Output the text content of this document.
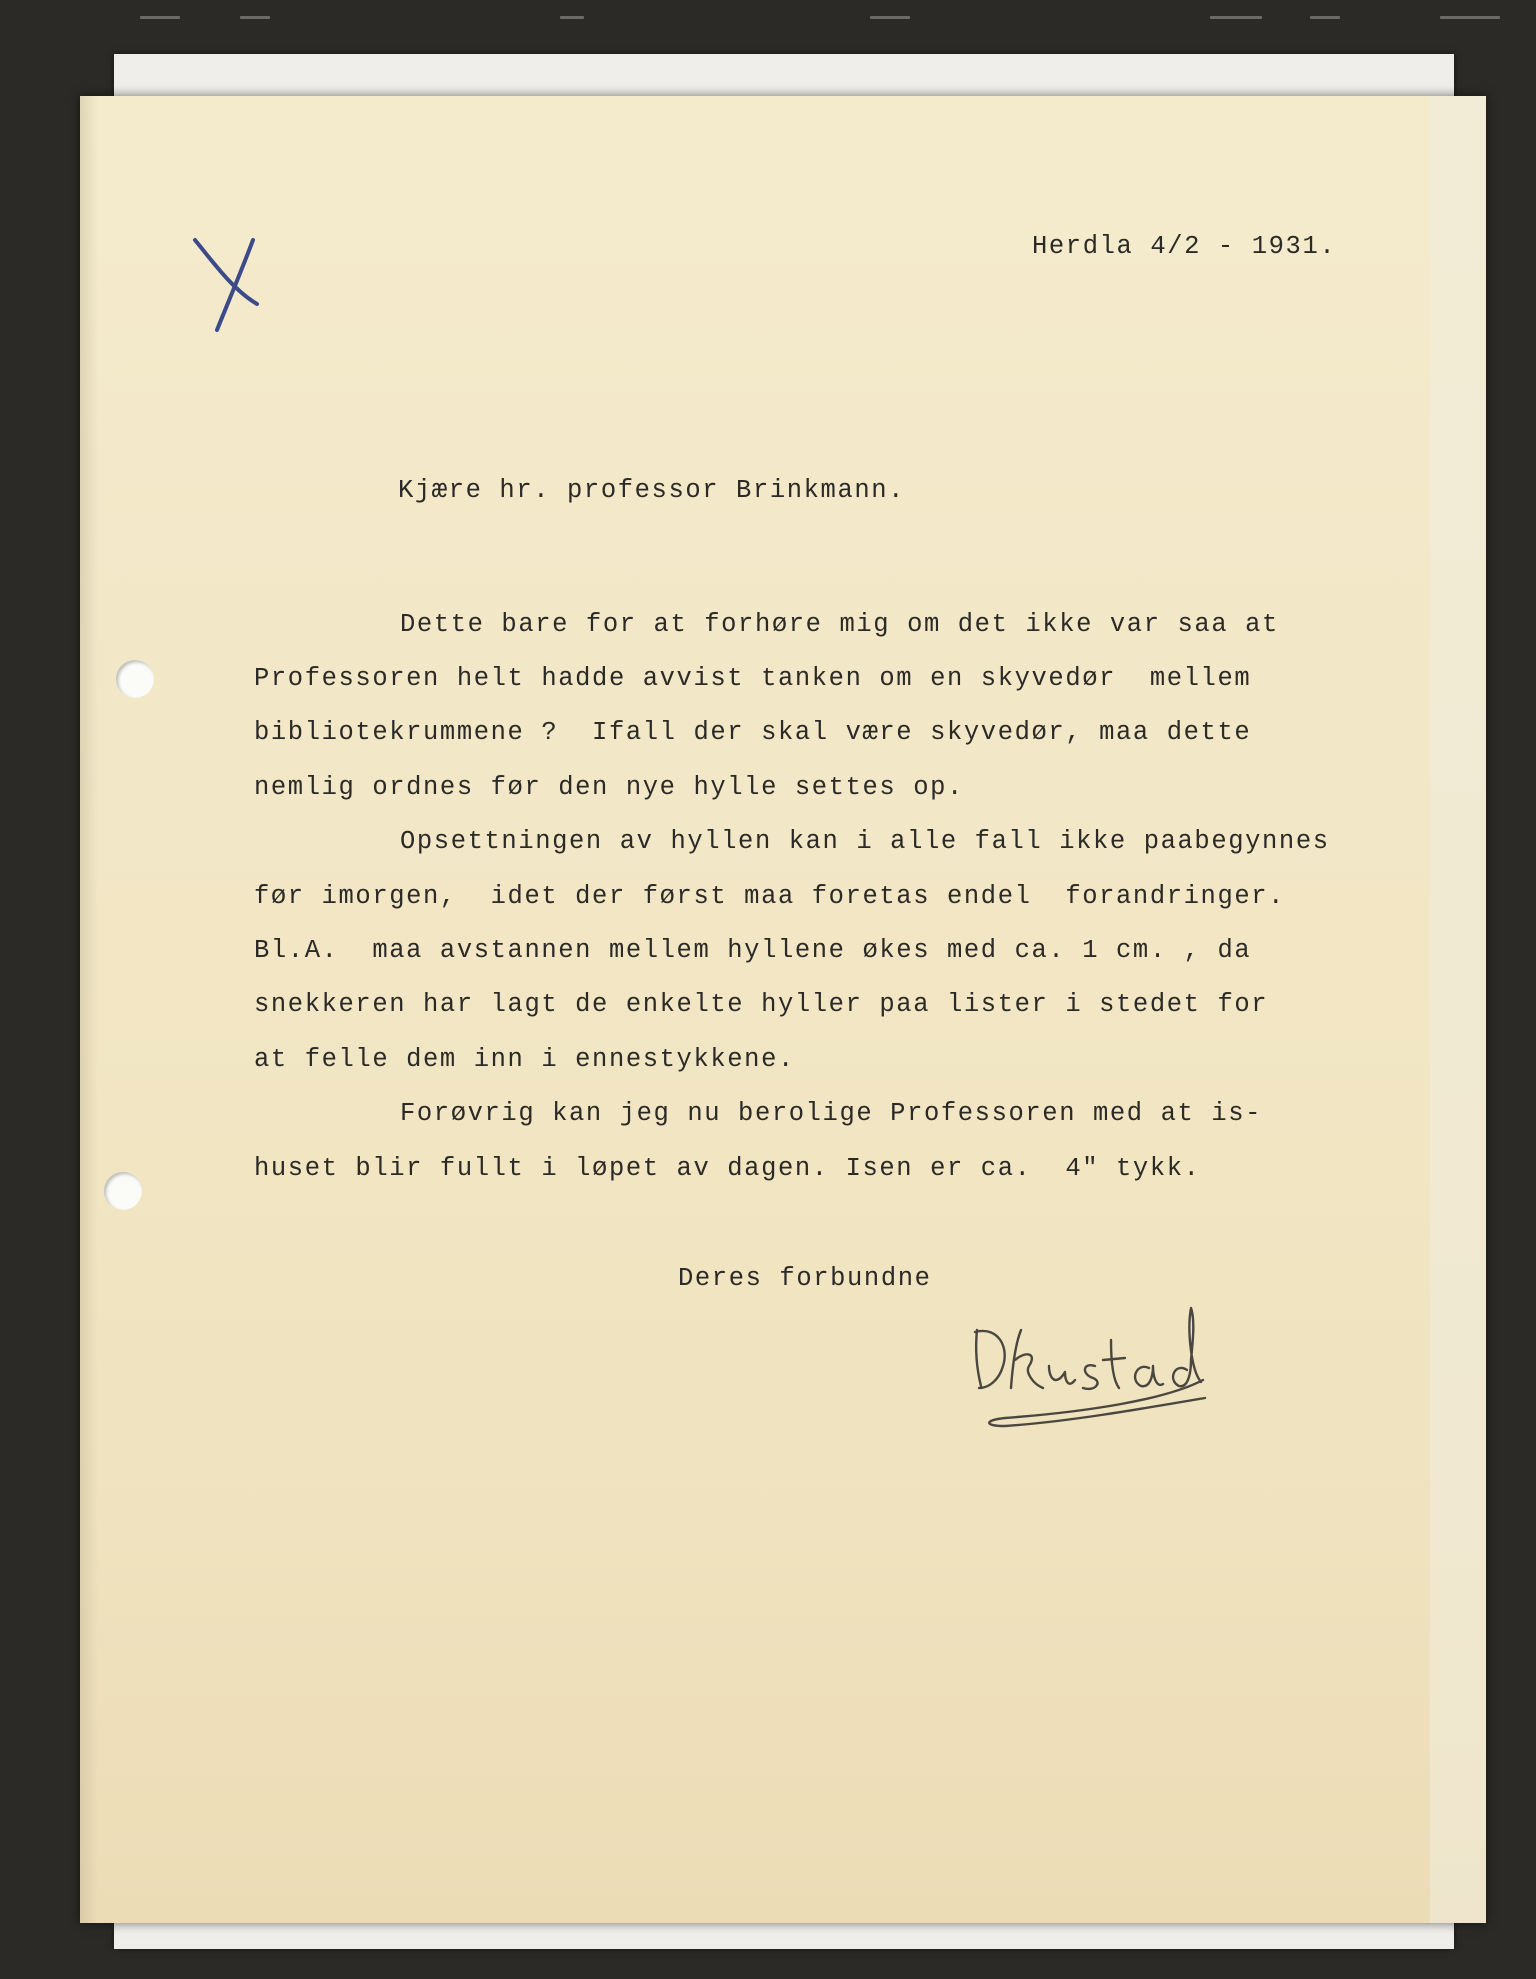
Herdla 4/2 - 1931.
Kjære hr. professor Brinkmann.
Dette bare for at forhøre mig om det ikke var saa at
Professoren helt hadde avvist tanken om en skyvedør  mellem
bibliotekrummene ?  Ifall der skal være skyvedør, maa dette
nemlig ordnes før den nye hylle settes op.
Opsettningen av hyllen kan i alle fall ikke paabegynnes
før imorgen,  idet der først maa foretas endel  forandringer.
Bl.A.  maa avstannen mellem hyllene økes med ca. 1 cm. , da
snekkeren har lagt de enkelte hyller paa lister i stedet for
at felle dem inn i ennestykkene.
Forøvrig kan jeg nu berolige Professoren med at is-
huset blir fullt i løpet av dagen. Isen er ca.  4" tykk.
Deres forbundne
